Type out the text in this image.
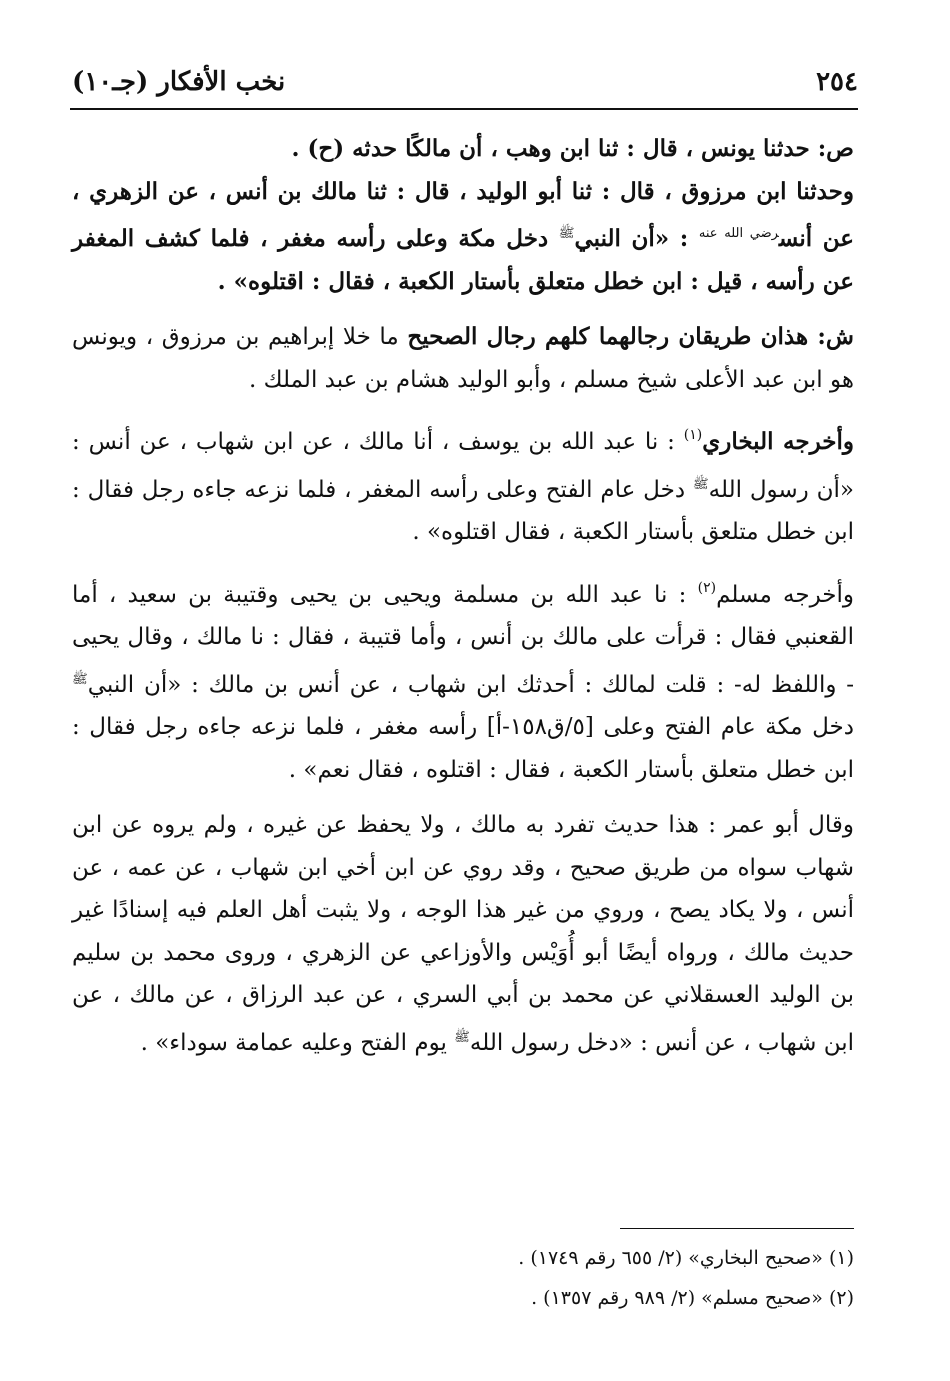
٢٥٤
نخب الأفكار (جـ١٠)

ص: حدثنا يونس ، قال : ثنا ابن وهب ، أن مالكًا حدثه (ح) .

وحدثنا ابن مرزوق ، قال : ثنا أبو الوليد ، قال : ثنا مالك بن أنس ، عن الزهري ، عن أنس$^{رضي الله عنه}$ : «أن النبي$^ﷺ$ دخل مكة وعلى رأسه مغفر ، فلما كشف المغفر عن رأسه ، قيل : ابن خطل متعلق بأستار الكعبة ، فقال : اقتلوه» .

ش: هذان طريقان رجالهما كلهم رجال الصحيح ما خلا إبراهيم بن مرزوق ، ويونس هو ابن عبد الأعلى شيخ مسلم ، وأبو الوليد هشام بن عبد الملك .

وأخرجه البخاري$^{(١)}$ : نا عبد الله بن يوسف ، أنا مالك ، عن ابن شهاب ، عن أنس : «أن رسول الله$^ﷺ$ دخل عام الفتح وعلى رأسه المغفر ، فلما نزعه جاءه رجل فقال : ابن خطل متلعق بأستار الكعبة ، فقال اقتلوه» .

وأخرجه مسلم$^{(٢)}$ : نا عبد الله بن مسلمة ويحيى بن يحيى وقتيبة بن سعيد ، أما القعنبي فقال : قرأت على مالك بن أنس ، وأما قتيبة ، فقال : نا مالك ، وقال يحيى - واللفظ له- : قلت لمالك : أحدثك ابن شهاب ، عن أنس بن مالك : «أن النبي$^ﷺ$ دخل مكة عام الفتح وعلى [٥/ق١٥٨-أ] رأسه مغفر ، فلما نزعه جاءه رجل فقال : ابن خطل متعلق بأستار الكعبة ، فقال : اقتلوه ، فقال نعم» .

وقال أبو عمر : هذا حديث تفرد به مالك ، ولا يحفظ عن غيره ، ولم يروه عن ابن شهاب سواه من طريق صحيح ، وقد روي عن ابن أخي ابن شهاب ، عن عمه ، عن أنس ، ولا يكاد يصح ، وروي من غير هذا الوجه ، ولا يثبت أهل العلم فيه إسنادًا غير حديث مالك ، ورواه أيضًا أبو أُوَيْس والأوزاعي عن الزهري ، وروى محمد بن سليم بن الوليد العسقلاني عن محمد بن أبي السري ، عن عبد الرزاق ، عن مالك ، عن ابن شهاب ، عن أنس : «دخل رسول الله$^ﷺ$ يوم الفتح وعليه عمامة سوداء» .

(١) «صحيح البخاري» (٢/ ٦٥٥ رقم ١٧٤٩) .

(٢) «صحيح مسلم» (٢/ ٩٨٩ رقم ١٣٥٧) .
